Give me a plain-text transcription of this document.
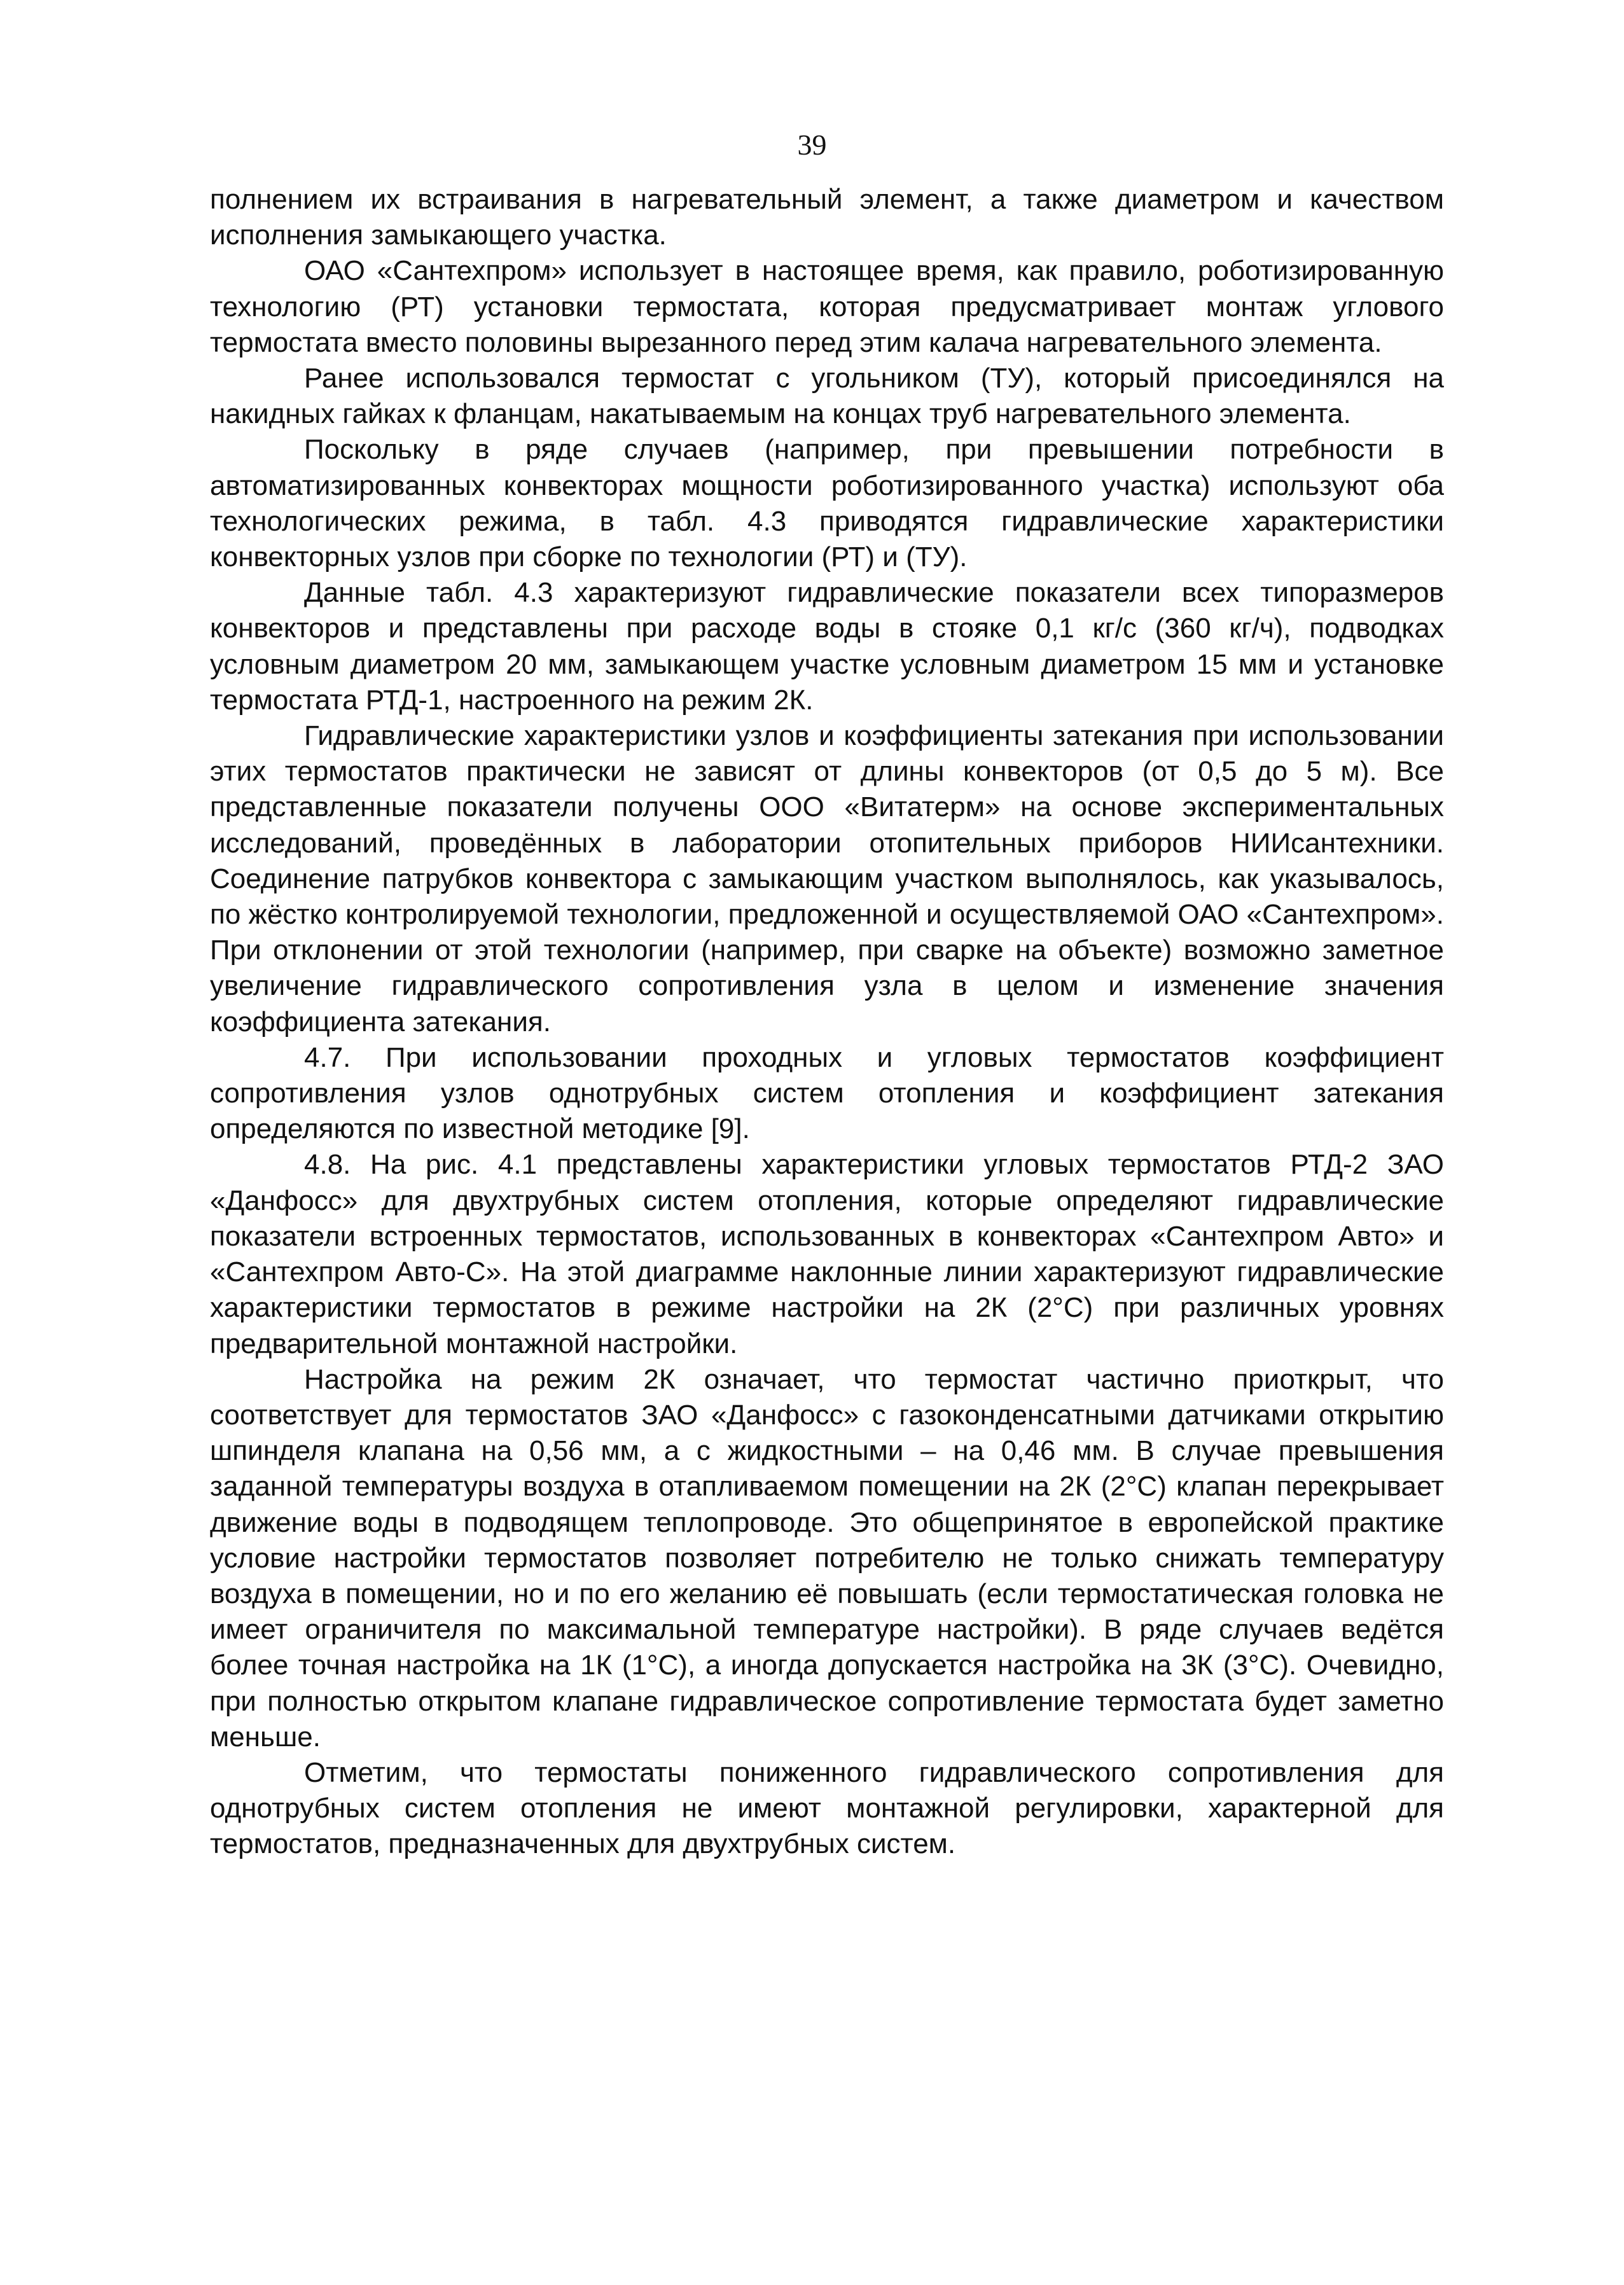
39

полнением их встраивания в нагревательный элемент, а также диаметром и качеством исполнения замыкающего участка.

ОАО «Сантехпром» использует в настоящее время, как правило, роботизированную технологию (РТ) установки термостата, которая предусматривает монтаж углового термостата вместо половины вырезанного перед этим калача нагревательного элемента.

Ранее использовался термостат с угольником (ТУ), который присоединялся на накидных гайках к фланцам, накатываемым на концах труб нагревательного элемента.

Поскольку в ряде случаев (например, при превышении потребности в автоматизированных конвекторах мощности роботизированного участка) используют оба технологических режима, в табл. 4.3 приводятся гидравлические характеристики конвекторных узлов при сборке по технологии (РТ) и (ТУ).

Данные табл. 4.3 характеризуют гидравлические показатели всех типоразмеров конвекторов и представлены при расходе воды в стояке 0,1 кг/с (360 кг/ч), подводках условным диаметром 20 мм, замыкающем участке условным диаметром 15 мм и установке термостата РТД-1, настроенного на режим 2К.

Гидравлические характеристики узлов и коэффициенты затекания при использовании этих термостатов практически не зависят от длины конвекторов (от 0,5 до 5 м). Все представленные показатели получены ООО «Витатерм» на основе экспериментальных исследований, проведённых в лаборатории отопительных приборов НИИсантехники. Соединение патрубков конвектора с замыкающим участком выполнялось, как указывалось, по жёстко контролируемой технологии, предложенной и осуществляемой ОАО «Сантехпром». При отклонении от этой технологии (например, при сварке на объекте) возможно заметное увеличение гидравлического сопротивления узла в целом и изменение значения коэффициента затекания.

4.7. При использовании проходных и угловых термостатов коэффициент сопротивления узлов однотрубных систем отопления и коэффициент затекания определяются по известной методике [9].

4.8. На рис. 4.1 представлены характеристики угловых термостатов РТД-2 ЗАО «Данфосс» для двухтрубных систем отопления, которые определяют гидравлические показатели встроенных термостатов, использованных в конвекторах «Сантехпром Авто» и «Сантехпром Авто-С». На этой диаграмме наклонные линии характеризуют гидравлические характеристики термостатов в режиме настройки на 2К (2°С) при различных уровнях предварительной монтажной настройки.

Настройка на режим 2К означает, что термостат частично приоткрыт, что соответствует для термостатов ЗАО «Данфосс» с газоконденсатными датчиками открытию шпинделя клапана на 0,56 мм, а с жидкостными – на 0,46 мм. В случае превышения заданной температуры воздуха в отапливаемом помещении на 2К (2°С) клапан перекрывает движение воды в подводящем теплопроводе. Это общепринятое в европейской практике условие настройки термостатов позволяет потребителю не только снижать температуру воздуха в помещении, но и по его желанию её повышать (если термостатическая головка не имеет ограничителя по максимальной температуре настройки). В ряде случаев ведётся более точная настройка на 1К (1°С), а иногда допускается настройка на 3К (3°С). Очевидно, при полностью открытом клапане гидравлическое сопротивление термостата будет заметно меньше.

Отметим, что термостаты пониженного гидравлического сопротивления для однотрубных систем отопления не имеют монтажной регулировки, характерной для термостатов, предназначенных для двухтрубных систем.
